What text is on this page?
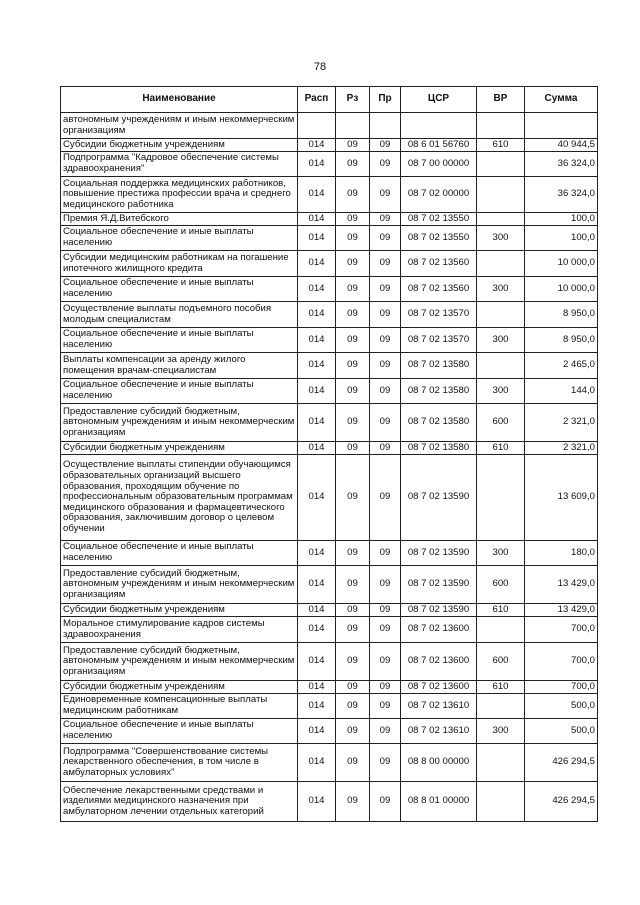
78
Наименование	Расп	Рз	Пр	ЦСР	ВР	Сумма
автономным учреждениям и иным некоммерческим организациям						
Субсидии бюджетным учреждениям	014	09	09	08 6 01 56760	610	40 944,5
Подпрограмма "Кадровое обеспечение системы здравоохранения"	014	09	09	08 7 00 00000		36 324,0
Социальная поддержка медицинских работников, повышение престижа профессии врача и среднего медицинского работника	014	09	09	08 7 02 00000		36 324,0
Премия Я.Д.Витебского	014	09	09	08 7 02 13550		100,0
Социальное обеспечение и иные выплаты населению	014	09	09	08 7 02 13550	300	100,0
Субсидии медицинским работникам на погашение ипотечного жилищного кредита	014	09	09	08 7 02 13560		10 000,0
Социальное обеспечение и иные выплаты населению	014	09	09	08 7 02 13560	300	10 000,0
Осуществление выплаты подъемного пособия молодым специалистам	014	09	09	08 7 02 13570		8 950,0
Социальное обеспечение и иные выплаты населению	014	09	09	08 7 02 13570	300	8 950,0
Выплаты компенсации за аренду жилого помещения врачам-специалистам	014	09	09	08 7 02 13580		2 465,0
Социальное обеспечение и иные выплаты населению	014	09	09	08 7 02 13580	300	144,0
Предоставление субсидий бюджетным, автономным учреждениям и иным некоммерческим организациям	014	09	09	08 7 02 13580	600	2 321,0
Субсидии бюджетным учреждениям	014	09	09	08 7 02 13580	610	2 321,0
Осуществление выплаты стипендии обучающимся образовательных организаций высшего образования, проходящим обучение по профессиональным образовательным программам медицинского образования и фармацевтического образования, заключившим договор о целевом обучении	014	09	09	08 7 02 13590		13 609,0
Социальное обеспечение и иные выплаты населению	014	09	09	08 7 02 13590	300	180,0
Предоставление субсидий бюджетным, автономным учреждениям и иным некоммерческим организациям	014	09	09	08 7 02 13590	600	13 429,0
Субсидии бюджетным учреждениям	014	09	09	08 7 02 13590	610	13 429,0
Моральное стимулирование кадров системы здравоохранения	014	09	09	08 7 02 13600		700,0
Предоставление субсидий бюджетным, автономным учреждениям и иным некоммерческим организациям	014	09	09	08 7 02 13600	600	700,0
Субсидии бюджетным учреждениям	014	09	09	08 7 02 13600	610	700,0
Единовременные компенсационные выплаты медицинским работникам	014	09	09	08 7 02 13610		500,0
Социальное обеспечение и иные выплаты населению	014	09	09	08 7 02 13610	300	500,0
Подпрограмма "Совершенствование системы лекарственного обеспечения, в том числе в амбулаторных условиях"	014	09	09	08 8 00 00000		426 294,5
Обеспечение лекарственными средствами и изделиями медицинского назначения при амбулаторном лечении отдельных категорий	014	09	09	08 8 01 00000		426 294,5
